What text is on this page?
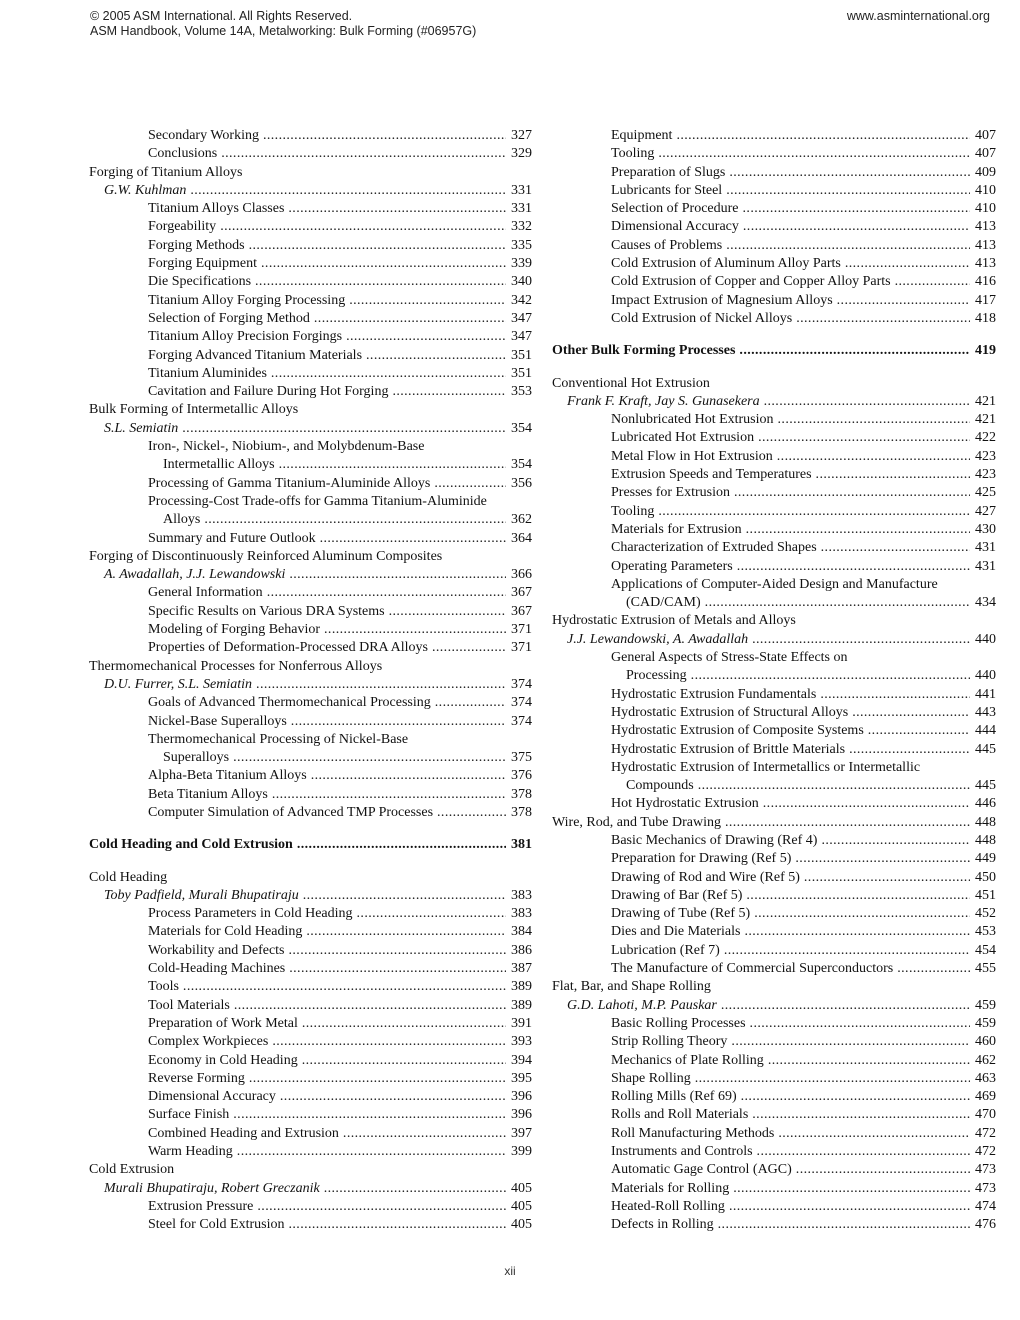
© 2005 ASM International. All Rights Reserved.
ASM Handbook, Volume 14A, Metalworking: Bulk Forming (#06957G)
www.asminternational.org
Secondary Working .....	327
Conclusions .....	329
Forging of Titanium Alloys
G.W. Kuhlman .....	331
Titanium Alloys Classes .....	331
Forgeability .....	332
Forging Methods .....	335
Forging Equipment .....	339
Die Specifications .....	340
Titanium Alloy Forging Processing .....	342
Selection of Forging Method .....	347
Titanium Alloy Precision Forgings .....	347
Forging Advanced Titanium Materials .....	351
Titanium Aluminides .....	351
Cavitation and Failure During Hot Forging .....	353
Bulk Forming of Intermetallic Alloys
S.L. Semiatin .....	354
Iron-, Nickel-, Niobium-, and Molybdenum-Base
Intermetallic Alloys .....	354
Processing of Gamma Titanium-Aluminide Alloys .....	356
Processing-Cost Trade-offs for Gamma Titanium-Aluminide
Alloys .....	362
Summary and Future Outlook .....	364
Forging of Discontinuously Reinforced Aluminum Composites
A. Awadallah, J.J. Lewandowski .....	366
General Information .....	367
Specific Results on Various DRA Systems .....	367
Modeling of Forging Behavior .....	371
Properties of Deformation-Processed DRA Alloys .....	371
Thermomechanical Processes for Nonferrous Alloys
D.U. Furrer, S.L. Semiatin .....	374
Goals of Advanced Thermomechanical Processing .....	374
Nickel-Base Superalloys .....	374
Thermomechanical Processing of Nickel-Base
Superalloys .....	375
Alpha-Beta Titanium Alloys .....	376
Beta Titanium Alloys .....	378
Computer Simulation of Advanced TMP Processes .....	378
Cold Heading and Cold Extrusion .....	381
Cold Heading
Toby Padfield, Murali Bhupatiraju .....	383
Process Parameters in Cold Heading .....	383
Materials for Cold Heading .....	384
Workability and Defects .....	386
Cold-Heading Machines .....	387
Tools .....	389
Tool Materials .....	389
Preparation of Work Metal .....	391
Complex Workpieces .....	393
Economy in Cold Heading .....	394
Reverse Forming .....	395
Dimensional Accuracy .....	396
Surface Finish .....	396
Combined Heading and Extrusion .....	397
Warm Heading .....	399
Cold Extrusion
Murali Bhupatiraju, Robert Greczanik .....	405
Extrusion Pressure .....	405
Steel for Cold Extrusion .....	405
Equipment .....	407
Tooling .....	407
Preparation of Slugs .....	409
Lubricants for Steel .....	410
Selection of Procedure .....	410
Dimensional Accuracy .....	413
Causes of Problems .....	413
Cold Extrusion of Aluminum Alloy Parts .....	413
Cold Extrusion of Copper and Copper Alloy Parts .....	416
Impact Extrusion of Magnesium Alloys .....	417
Cold Extrusion of Nickel Alloys .....	418
Other Bulk Forming Processes .....	419
Conventional Hot Extrusion
Frank F. Kraft, Jay S. Gunasekera .....	421
Nonlubricated Hot Extrusion .....	421
Lubricated Hot Extrusion .....	422
Metal Flow in Hot Extrusion .....	423
Extrusion Speeds and Temperatures .....	423
Presses for Extrusion .....	425
Tooling .....	427
Materials for Extrusion .....	430
Characterization of Extruded Shapes .....	431
Operating Parameters .....	431
Applications of Computer-Aided Design and Manufacture
(CAD/CAM) .....	434
Hydrostatic Extrusion of Metals and Alloys
J.J. Lewandowski, A. Awadallah .....	440
General Aspects of Stress-State Effects on
Processing .....	440
Hydrostatic Extrusion Fundamentals .....	441
Hydrostatic Extrusion of Structural Alloys .....	443
Hydrostatic Extrusion of Composite Systems .....	444
Hydrostatic Extrusion of Brittle Materials .....	445
Hydrostatic Extrusion of Intermetallics or Intermetallic
Compounds .....	445
Hot Hydrostatic Extrusion .....	446
Wire, Rod, and Tube Drawing .....	448
Basic Mechanics of Drawing (Ref 4) .....	448
Preparation for Drawing (Ref 5) .....	449
Drawing of Rod and Wire (Ref 5) .....	450
Drawing of Bar (Ref 5) .....	451
Drawing of Tube (Ref 5) .....	452
Dies and Die Materials .....	453
Lubrication (Ref 7) .....	454
The Manufacture of Commercial Superconductors .....	455
Flat, Bar, and Shape Rolling
G.D. Lahoti, M.P. Pauskar .....	459
Basic Rolling Processes .....	459
Strip Rolling Theory .....	460
Mechanics of Plate Rolling .....	462
Shape Rolling .....	463
Rolling Mills (Ref 69) .....	469
Rolls and Roll Materials .....	470
Roll Manufacturing Methods .....	472
Instruments and Controls .....	472
Automatic Gage Control (AGC) .....	473
Materials for Rolling .....	473
Heated-Roll Rolling .....	474
Defects in Rolling .....	476
xii
